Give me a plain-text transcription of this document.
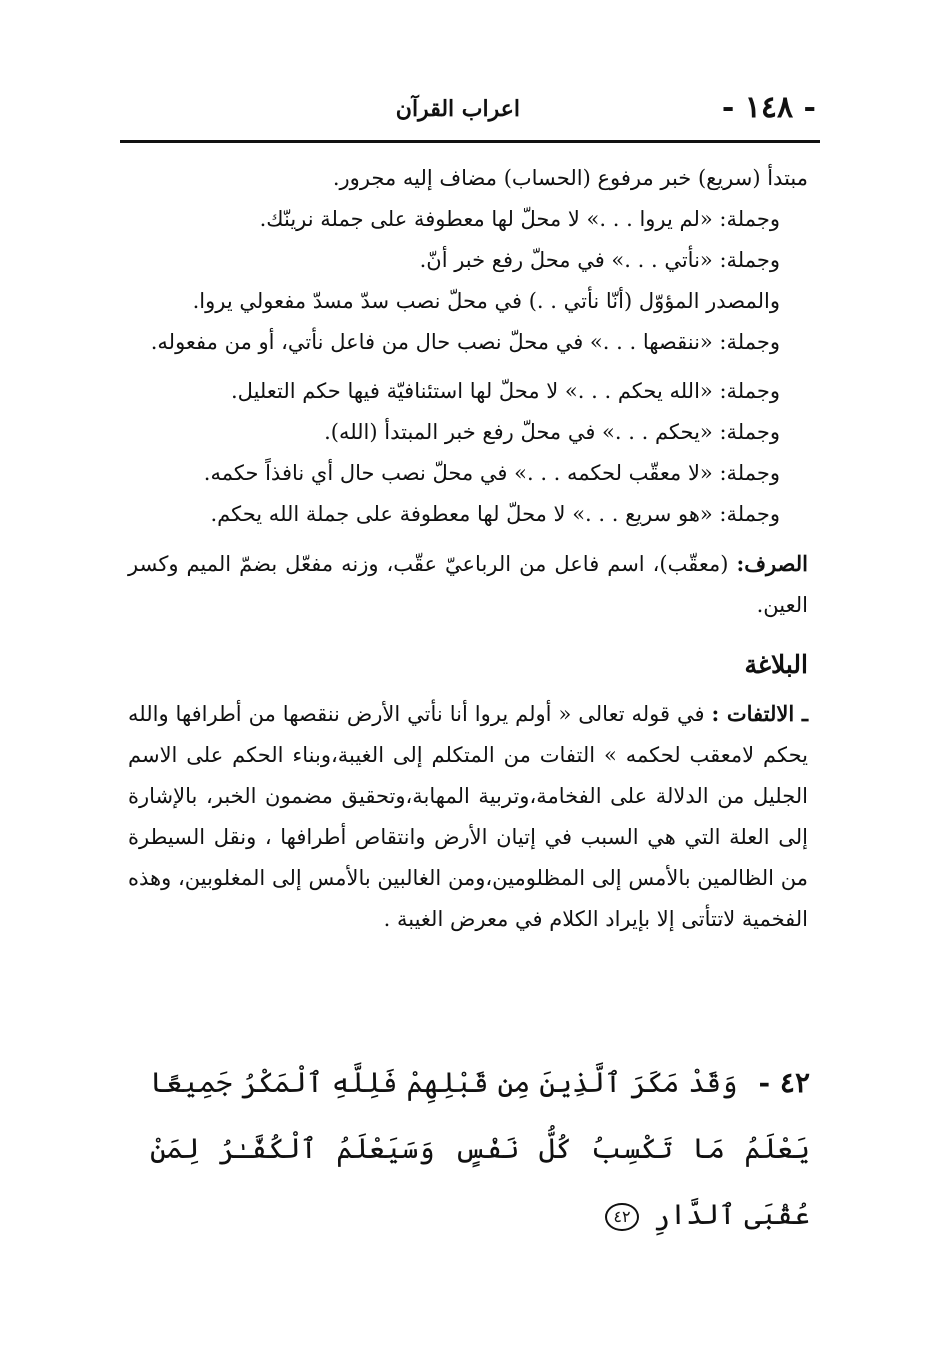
- ١٤٨ -
اعراب القرآن
مبتدأ (سريع) خبر مرفوع (الحساب) مضاف إليه مجرور.
وجملة: «لم يروا . . .» لا محلّ لها معطوفة على جملة نرينّك.
وجملة: «نأتي . . .» في محلّ رفع خبر أنّ.
والمصدر المؤوّل (أنّا نأتي . .) في محلّ نصب سدّ مسدّ مفعولي يروا.
وجملة: «ننقصها . . .» في محلّ نصب حال من فاعل نأتي، أو من مفعوله.
وجملة: «الله يحكم . . .» لا محلّ لها استئنافيّة فيها حكم التعليل.
وجملة: «يحكم . . .» في محلّ رفع خبر المبتدأ (الله).
وجملة: «لا معقّب لحكمه . . .» في محلّ نصب حال أي نافذاً حكمه.
وجملة: «هو سريع . . .» لا محلّ لها معطوفة على جملة الله يحكم.

الصرف: (معقّب)، اسم فاعل من الرباعيّ عقّب، وزنه مفعّل بضمّ الميم وكسر العين.

البلاغة

ـ الالتفات : في قوله تعالى « أولم يروا أنا نأتي الأرض ننقصها من أطرافها والله يحكم لامعقب لحكمه » التفات من المتكلم إلى الغيبة،وبناء الحكم على الاسم الجليل من الدلالة على الفخامة،وتربية المهابة،وتحقيق مضمون الخبر، بالإشارة إلى العلة التي هي السبب في إتيان الأرض وانتقاص أطرافها ، ونقل السيطرة من الظالمين بالأمس إلى المظلومين،ومن الغالبين بالأمس إلى المغلوبين، وهذه الفخمية لاتتأتى إلا بإيراد الكلام في معرض الغيبة .

٤٢ - وَقَدْ مَكَرَ ٱلَّذِينَ مِن قَبْلِهِمْ فَلِلَّهِ ٱلْمَكْرُ جَمِيعًا يَعْلَمُ مَا تَكْسِبُ كُلُّ نَفْسٍ وَسَيَعْلَمُ ٱلْكُفَّـٰرُ لِمَنْ عُقْبَى ٱلدَّارِ ٤٢
